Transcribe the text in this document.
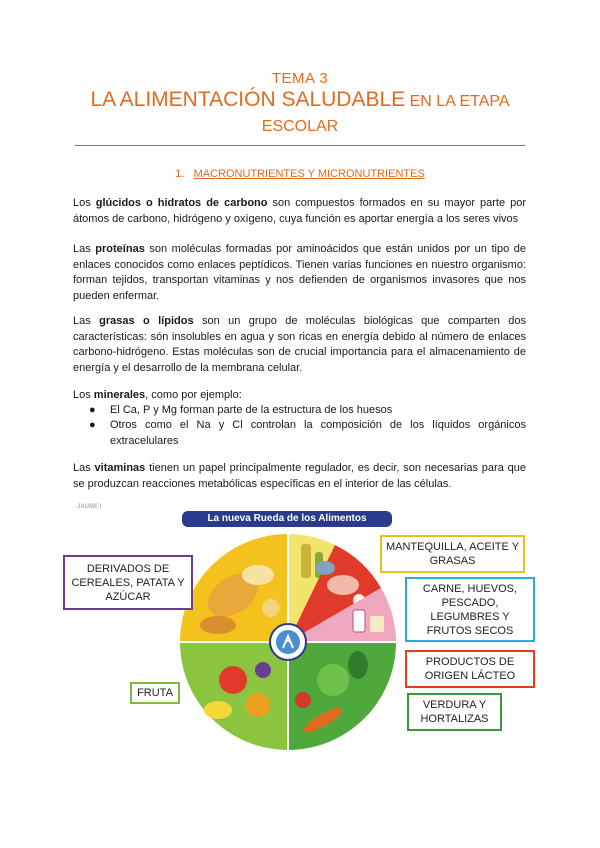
TEMA 3
LA ALIMENTACIÓN SALUDABLE EN LA ETAPA
ESCOLAR
1. MACRONUTRIENTES Y MICRONUTRIENTES

Los glúcidos o hidratos de carbono son compuestos formados en su mayor parte por átomos de carbono, hidrógeno y oxígeno, cuya función es aportar energía a los seres vivos

Las proteínas son moléculas formadas por aminoácidos que están unidos por un tipo de enlaces conocidos como enlaces peptídicos. Tienen varias funciones en nuestro organismo: forman tejidos, transportan vitaminas y nos defienden de organismos invasores que nos pueden enfermar.

Las grasas o lípidos son un grupo de moléculas biológicas que comparten dos características: són insolubles en agua y son ricas en energía debido al número de enlaces carbono-hidrógeno. Estas moléculas son de crucial importancia para el almacenamiento de energía y el desarrollo de la membrana celular.

Los minerales, como por ejemplo:

● El Ca, P y Mg forman parte de la estructura de los huesos
● Otros como el Na y Cl controlan la composición de los líquidos orgánicos extracelulares

Las vitaminas tienen un papel principalmente regulador, es decir, son necesarias para que se produzcan reacciones metabólicas específicas en el interior de las células.

JAUME I
La nueva Rueda de los Alimentos
DERIVADOS DE CEREALES, PATATA Y AZÚCAR
MANTEQUILLA, ACEITE Y GRASAS
CARNE, HUEVOS, PESCADO, LEGUMBRES Y FRUTOS SECOS
PRODUCTOS DE ORIGEN LÁCTEO
FRUTA
VERDURA Y HORTALIZAS
